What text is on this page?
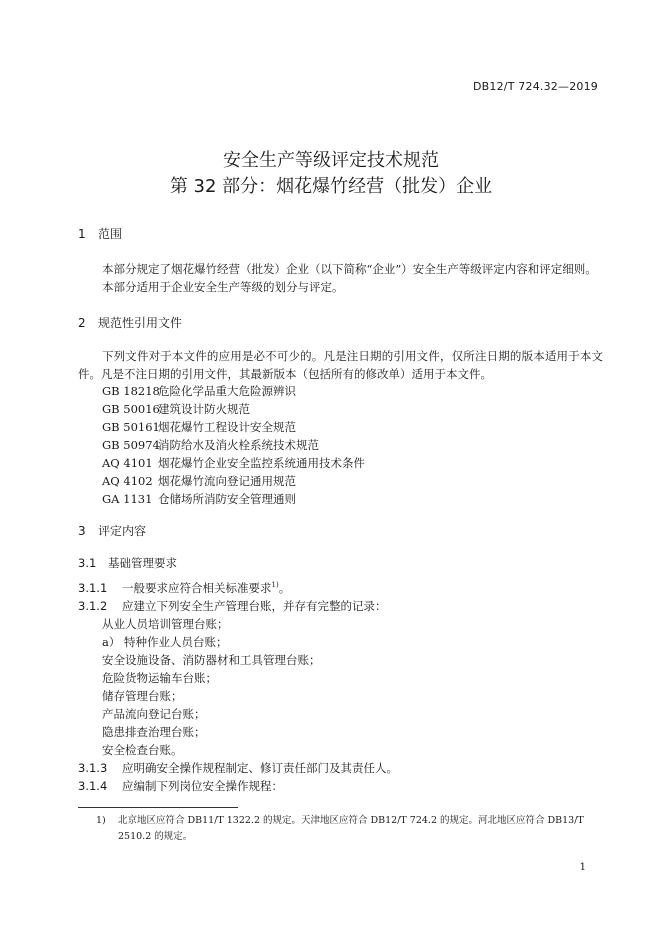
DB12/T 724.32—2019
安全生产等级评定技术规范
第 32 部分：烟花爆竹经营（批发）企业
1 范围
本部分规定了烟花爆竹经营（批发）企业（以下简称“企业”）安全生产等级评定内容和评定细则。
本部分适用于企业安全生产等级的划分与评定。
2 规范性引用文件
下列文件对于本文件的应用是必不可少的。凡是注日期的引用文件，仅所注日期的版本适用于本文件。凡是不注日期的引用文件，其最新版本（包括所有的修改单）适用于本文件。
GB 18218危险化学品重大危险源辨识
GB 50016建筑设计防火规范
GB 50161烟花爆竹工程设计安全规范
GB 50974消防给水及消火栓系统技术规范
AQ 4101 烟花爆竹企业安全监控系统通用技术条件
AQ 4102 烟花爆竹流向登记通用规范
GA 1131 仓储场所消防安全管理通则
3 评定内容
3.1 基础管理要求
3.1.1 一般要求应符合相关标准要求$^{1)}$。
3.1.2 应建立下列安全生产管理台账，并存有完整的记录：
从业人员培训管理台账；
a） 特种作业人员台账；
安全设施设备、消防器材和工具管理台账；
危险货物运输车台账；
储存管理台账；
产品流向登记台账；
隐患排查治理台账；
安全检查台账。
3.1.3 应明确安全操作规程制定、修订责任部门及其责任人。
3.1.4 应编制下列岗位安全操作规程：
1) 北京地区应符合 DB11/T 1322.2 的规定。天津地区应符合 DB12/T 724.2 的规定。河北地区应符合 DB13/T 2510.2 的规定。
1
